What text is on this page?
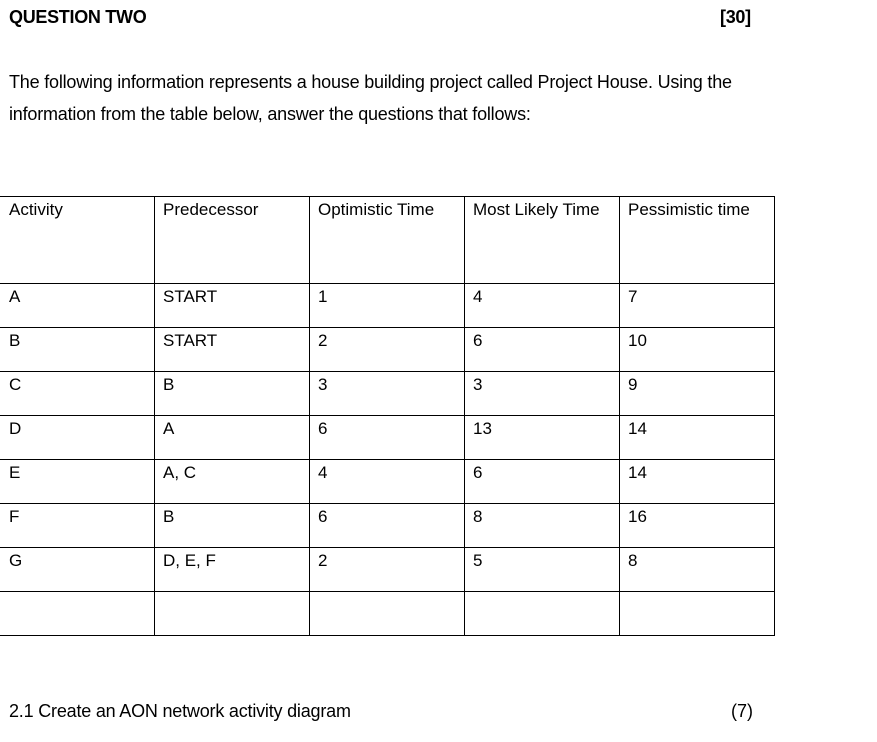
QUESTION TWO	[30]
The following information represents a house building project called Project House. Using the
information from the table below, answer the questions that follows:
Activity	Predecessor	Optimistic Time	Most Likely Time	Pessimistic time
A	START	1	4	7
B	START	2	6	10
C	B	3	3	9
D	A	6	13	14
E	A, C	4	6	14
F	B	6	8	16
G	D, E, F	2	5	8

2.1 Create an AON network activity diagram	(7)
